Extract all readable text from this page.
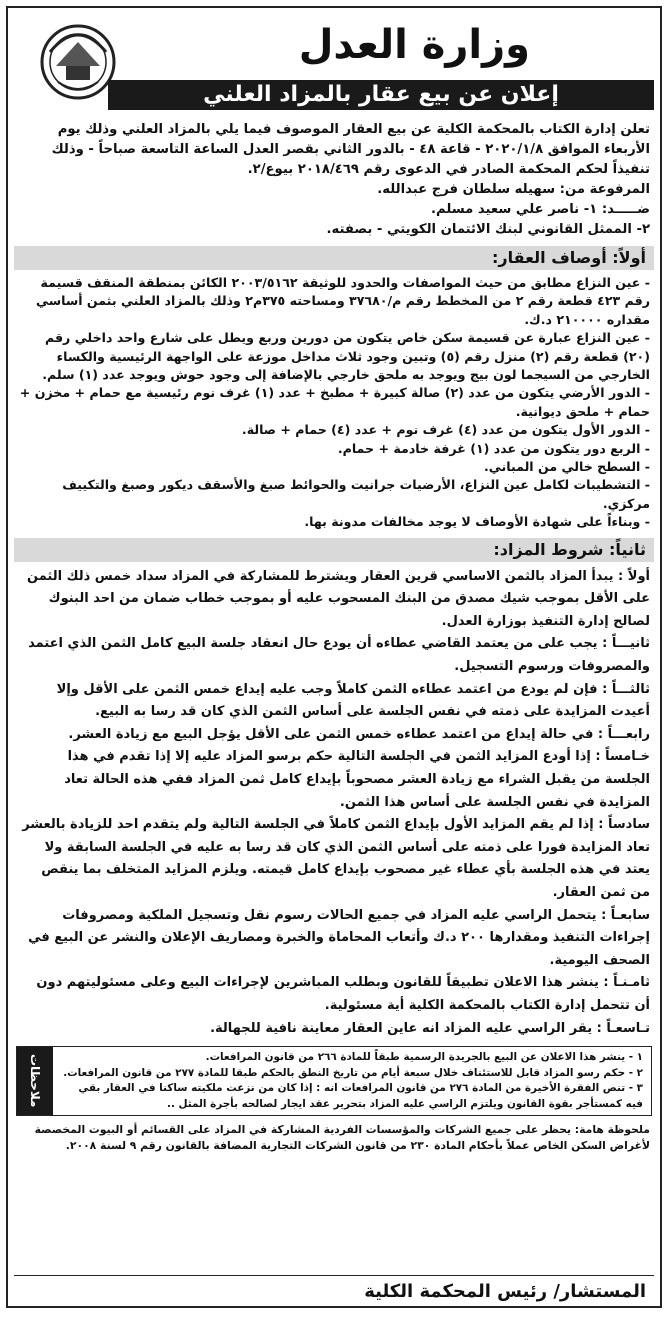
وزارة العدل
إعلان عن بيع عقار بالمزاد العلني

تعلن إدارة الكتاب بالمحكمة الكلية عن بيع العقار الموصوف فيما يلي بالمزاد العلني وذلك يوم الأربعاء الموافق ٢٠٢٠/١/٨ - قاعة ٤٨ - بالدور الثاني بقصر العدل الساعة التاسعة صباحاً - وذلك تنفيذاً لحكم المحكمة الصادر في الدعوى رقم ٢٠١٨/٤٦٩ بيوع/٢.

المرفوعة من: سهيله سلطان فرج عبدالله.

ضـــــد: ١- ناصر علي سعيد مسلم.

٢- الممثل القانوني لبنك الائتمان الكويتي - بصفته.

أولاً: أوصاف العقار:

- عين النزاع مطابق من حيث المواصفات والحدود للوثيقة ٢٠٠٣/٥١٦٢ الكائن بمنطقة المنقف قسيمة رقم ٤٢٣ قطعة رقم ٢ من المخطط رقم م/٣٧٦٨٠ ومساحته ٣٧٥م٢ وذلك بالمزاد العلني بثمن أساسي مقداره ٢١٠٠٠٠ د.ك.

- عين النزاع عبارة عن قسيمة سكن خاص يتكون من دورين وربع ويطل على شارع واحد داخلي رقم (٢٠) قطعة رقم (٢) منزل رقم (٥) وتبين وجود ثلاث مداخل موزعة على الواجهة الرئيسية والكساء الخارجي من السيجما لون بيج ويوجد به ملحق خارجي بالإضافة إلى وجود حوش ويوجد عدد (١) سلم.

- الدور الأرضي يتكون من عدد (٢) صالة كبيرة + مطبخ + عدد (١) غرف نوم رئيسية مع حمام + مخزن + حمام + ملحق ديوانية.

- الدور الأول يتكون من عدد (٤) غرف نوم + عدد (٤) حمام + صالة.

- الربع دور يتكون من عدد (١) غرفة خادمة + حمام.

- السطح خالي من المباني.

- التشطيبات لكامل عين النزاع، الأرضيات جرانيت والحوائط صبغ والأسقف ديكور وصبغ والتكييف مركزي.

- وبناءاً على شهادة الأوصاف لا يوجد مخالفات مدونة بها.

ثانياً: شروط المزاد:

أولاً : يبدأ المزاد بالثمن الاساسي قرين العقار ويشترط للمشاركة في المزاد سداد خمس ذلك الثمن على الأقل بموجب شيك مصدق من البنك المسحوب عليه أو بموجب خطاب ضمان من احد البنوك لصالح إدارة التنفيذ بوزارة العدل.

ثانيـــاً : يجب على من يعتمد القاضي عطاءه أن يودع حال انعقاد جلسة البيع كامل الثمن الذي اعتمد والمصروفات ورسوم التسجيل.

ثالثـــاً : فإن لم يودع من اعتمد عطاءه الثمن كاملاً وجب عليه إيداع خمس الثمن على الأقل وإلا أعيدت المزايدة على ذمته في نفس الجلسة على أساس الثمن الذي كان قد رسا به البيع.

رابعـــاً : في حالة إيداع من اعتمد عطاءه خمس الثمن على الأقل يؤجل البيع مع زيادة العشر.

خـامساً : إذا أودع المزايد الثمن في الجلسة التالية حكم برسو المزاد عليه إلا إذا تقدم في هذا الجلسة من يقبل الشراء مع زيادة العشر مصحوباً بإيداع كامل ثمن المزاد ففي هذه الحالة تعاد المزايدة في نفس الجلسة على أساس هذا الثمن.

سادساً : إذا لم يقم المزايد الأول بإيداع الثمن كاملاً في الجلسة التالية ولم يتقدم احد للزيادة بالعشر تعاد المزايدة فورا على ذمته على أساس الثمن الذي كان قد رسا به عليه في الجلسة السابقة ولا يعتد في هذه الجلسة بأي عطاء غير مصحوب بإيداع كامل قيمته. ويلزم المزايد المتخلف بما ينقص من ثمن العقار.

سابعـاً : يتحمل الراسي عليه المزاد في جميع الحالات رسوم نقل وتسجيل الملكية ومصروفات إجراءات التنفيذ ومقدارها ٢٠٠ د.ك وأتعاب المحاماة والخبرة ومصاريف الإعلان والنشر عن البيع في الصحف اليومية.

ثامـنـاً : ينشر هذا الاعلان تطبيقاً للقانون وبطلب المباشرين لإجراءات البيع وعلى مسئوليتهم دون أن تتحمل إدارة الكتاب بالمحكمة الكلية أية مسئولية.

تـاسعـاً : يقر الراسي عليه المزاد انه عاين العقار معاينة نافية للجهالة.

١ - ينشر هذا الاعلان عن البيع بالجريدة الرسمية طبقاً للمادة ٢٦٦ من قانون المرافعات.

٢ - حكم رسو المزاد قابل للاستئناف خلال سبعة أيام من تاريخ النطق بالحكم طبقا للمادة ٢٧٧ من قانون المرافعات.

٣ - تنص الفقرة الأخيرة من المادة ٢٧٦ من قانون المرافعات انه : إذا كان من نزعت ملكيته ساكنا في العقار بقي فيه كمستأجر بقوة القانون ويلتزم الراسي عليه المزاد بتحرير عقد ايجار لصالحه بأجرة المثل ..

ملاحظات

ملحوظة هامة: يحظر على جميع الشركات والمؤسسات الفردية المشاركة في المزاد على القسائم أو البيوت المخصصة لأغراض السكن الخاص عملاً بأحكام المادة ٢٣٠ من قانون الشركات التجارية المضافة بالقانون رقم ٩ لسنة ٢٠٠٨.

المستشار/ رئيس المحكمة الكلية
